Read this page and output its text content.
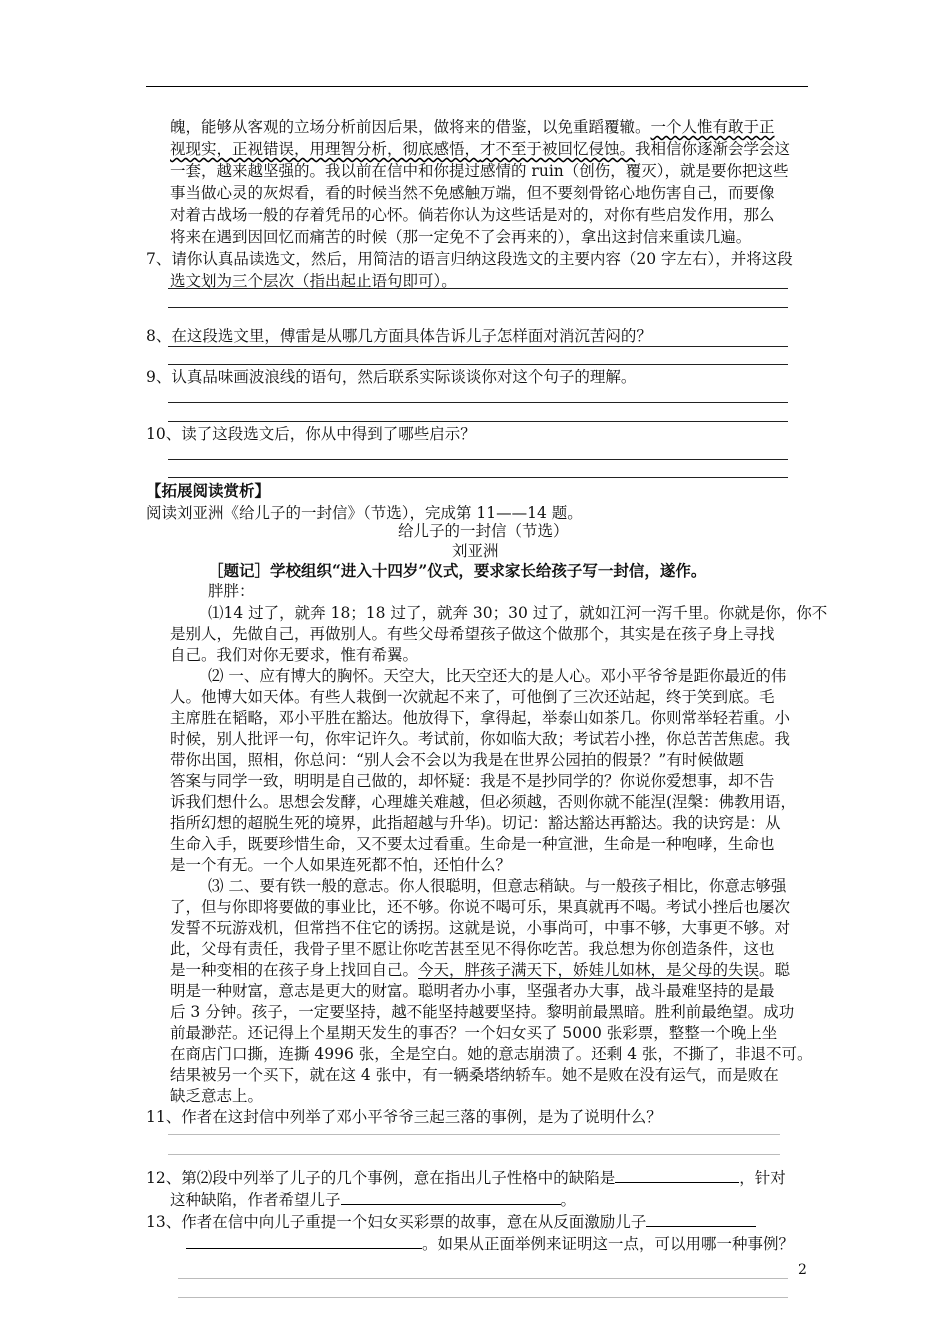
魄，能够从客观的立场分析前因后果，做将来的借鉴，以免重蹈覆辙。一个人惟有敢于正
视现实，正视错误，用理智分析，彻底感悟，才不至于被回忆侵蚀。我相信你逐渐会学会这
一套，越来越坚强的。我以前在信中和你提过感情的 ruin（创伤，覆灭），就是要你把这些
事当做心灵的灰烬看，看的时候当然不免感触万端，但不要刻骨铭心地伤害自己，而要像
对着古战场一般的存着凭吊的心怀。倘若你认为这些话是对的，对你有些启发作用，那么
将来在遇到因回忆而痛苦的时候（那一定免不了会再来的），拿出这封信来重读几遍。
7、请你认真品读选文，然后，用简洁的语言归纳这段选文的主要内容（20 字左右），并将这段
选文划为三个层次（指出起止语句即可）。
8、在这段选文里，傅雷是从哪几方面具体告诉儿子怎样面对消沉苦闷的？
9、认真品味画波浪线的语句，然后联系实际谈谈你对这个句子的理解。
10、读了这段选文后，你从中得到了哪些启示？
【拓展阅读赏析】
阅读刘亚洲《给儿子的一封信》（节选），完成第 11——14 题。
给儿子的一封信（节选）
刘亚洲
［题记］学校组织“进入十四岁”仪式，要求家长给孩子写一封信，遂作。
胖胖：
⑴14 过了，就奔 18；18 过了，就奔 30；30 过了，就如江河一泻千里。你就是你，你不
是别人，先做自己，再做别人。有些父母希望孩子做这个做那个，其实是在孩子身上寻找
自己。我们对你无要求，惟有希翼。
⑵ 一、应有博大的胸怀。天空大，比天空还大的是人心。邓小平爷爷是距你最近的伟
人。他博大如天体。有些人栽倒一次就起不来了，可他倒了三次还站起，终于笑到底。毛
主席胜在韬略，邓小平胜在豁达。他放得下，拿得起，举泰山如茶几。你则常举轻若重。小
时候，别人批评一句，你牢记许久。考试前，你如临大敌；考试若小挫，你总苦苦焦虑。我
带你出国，照相，你总问：“别人会不会以为我是在世界公园拍的假景？”有时候做题
答案与同学一致，明明是自己做的，却怀疑：我是不是抄同学的？你说你爱想事，却不告
诉我们想什么。思想会发酵，心理雄关难越，但必须越，否则你就不能涅(涅槃：佛教用语，
指所幻想的超脱生死的境界，此指超越与升华)。切记：豁达豁达再豁达。我的诀窍是：从
生命入手，既要珍惜生命，又不要太过看重。生命是一种宣泄，生命是一种咆哮，生命也
是一个有无。一个人如果连死都不怕，还怕什么？
⑶ 二、要有铁一般的意志。你人很聪明，但意志稍缺。与一般孩子相比，你意志够强
了，但与你即将要做的事业比，还不够。你说不喝可乐，果真就再不喝。考试小挫后也屡次
发誓不玩游戏机，但常挡不住它的诱拐。这就是说，小事尚可，中事不够，大事更不够。对
此，父母有责任，我骨子里不愿让你吃苦甚至见不得你吃苦。我总想为你创造条件，这也
是一种变相的在孩子身上找回自己。今天，胖孩子满天下，娇娃儿如林，是父母的失误。聪
明是一种财富，意志是更大的财富。聪明者办小事，坚强者办大事，战斗最难坚持的是最
后 3 分钟。孩子，一定要坚持，越不能坚持越要坚持。黎明前最黑暗。胜利前最绝望。成功
前最渺茫。还记得上个星期天发生的事否？一个妇女买了 5000 张彩票，整整一个晚上坐
在商店门口撕，连撕 4996 张，全是空白。她的意志崩溃了。还剩 4 张，不撕了，非退不可。
结果被另一个买下，就在这 4 张中，有一辆桑塔纳轿车。她不是败在没有运气，而是败在
缺乏意志上。
11、作者在这封信中列举了邓小平爷爷三起三落的事例，是为了说明什么？
12、第⑵段中列举了儿子的几个事例，意在指出儿子性格中的缺陷是	，针对
这种缺陷，作者希望儿子	。
13、作者在信中向儿子重提一个妇女买彩票的故事，意在从反面激励儿子
。如果从正面举例来证明这一点，可以用哪一种事例？
2
